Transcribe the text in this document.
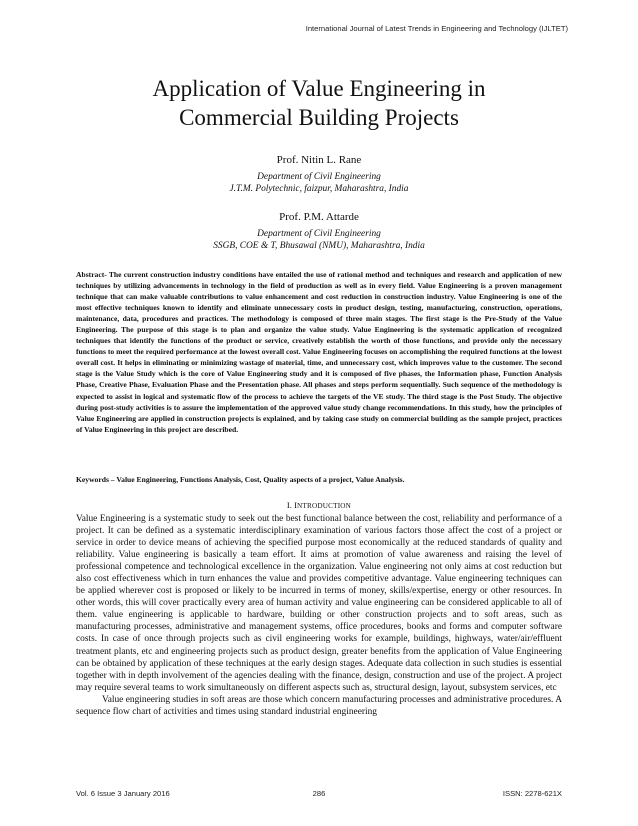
International Journal of Latest Trends in Engineering and Technology (IJLTET)
Application of Value Engineering in
Commercial Building Projects
Prof. Nitin L. Rane
Department of Civil Engineering
J.T.M. Polytechnic, faizpur, Maharashtra, India
Prof. P.M. Attarde
Department of Civil Engineering
SSGB, COE & T, Bhusawal (NMU), Maharashtra, India

Abstract- The current construction industry conditions have entailed the use of rational method and techniques and research and application of new techniques by utilizing advancements in technology in the field of production as well as in every field. Value Engineering is a proven management technique that can make valuable contributions to value enhancement and cost reduction in construction industry. Value Engineering is one of the most effective techniques known to identify and eliminate unnecessary costs in product design, testing, manufacturing, construction, operations, maintenance, data, procedures and practices. The methodology is composed of three main stages. The first stage is the Pre-Study of the Value Engineering. The purpose of this stage is to plan and organize the value study. Value Engineering is the systematic application of recognized techniques that identify the functions of the product or service, creatively establish the worth of those functions, and provide only the necessary functions to meet the required performance at the lowest overall cost. Value Engineering focuses on accomplishing the required functions at the lowest overall cost. It helps in eliminating or minimizing wastage of material, time, and unnecessary cost, which improves value to the customer. The second stage is the Value Study which is the core of Value Engineering study and it is composed of five phases, the Information phase, Function Analysis Phase, Creative Phase, Evaluation Phase and the Presentation phase. All phases and steps perform sequentially. Such sequence of the methodology is expected to assist in logical and systematic flow of the process to achieve the targets of the VE study. The third stage is the Post Study. The objective during post-study activities is to assure the implementation of the approved value study change recommendations. In this study, how the principles of Value Engineering are applied in construction projects is explained, and by taking case study on commercial building as the sample project, practices of Value Engineering in this project are described.

Keywords – Value Engineering, Functions Analysis, Cost, Quality aspects of a project, Value Analysis.

I. INTRODUCTION

Value Engineering is a systematic study to seek out the best functional balance between the cost, reliability and performance of a project. It can be defined as a systematic interdisciplinary examination of various factors those affect the cost of a project or service in order to device means of achieving the specified purpose most economically at the reduced standards of quality and reliability. Value engineering is basically a team effort. It aims at promotion of value awareness and raising the level of professional competence and technological excellence in the organization. Value engineering not only aims at cost reduction but also cost effectiveness which in turn enhances the value and provides competitive advantage. Value engineering techniques can be applied wherever cost is proposed or likely to be incurred in terms of money, skills/expertise, energy or other resources. In other words, this will cover practically every area of human activity and value engineering can be considered applicable to all of them. value engineering is applicable to hardware, building or other construction projects and to soft areas, such as manufacturing processes, administrative and management systems, office procedures, books and forms and computer software costs. In case of once through projects such as civil engineering works for example, buildings, highways, water/air/effluent treatment plants, etc and engineering projects such as product design, greater benefits from the application of Value Engineering can be obtained by application of these techniques at the early design stages. Adequate data collection in such studies is essential together with in depth involvement of the agencies dealing with the finance, design, construction and use of the project. A project may require several teams to work simultaneously on different aspects such as, structural design, layout, subsystem services, etc

Value engineering studies in soft areas are those which concern manufacturing processes and administrative procedures. A sequence flow chart of activities and times using standard industrial engineering

Vol. 6 Issue 3 January 2016	286	ISSN: 2278-621X
